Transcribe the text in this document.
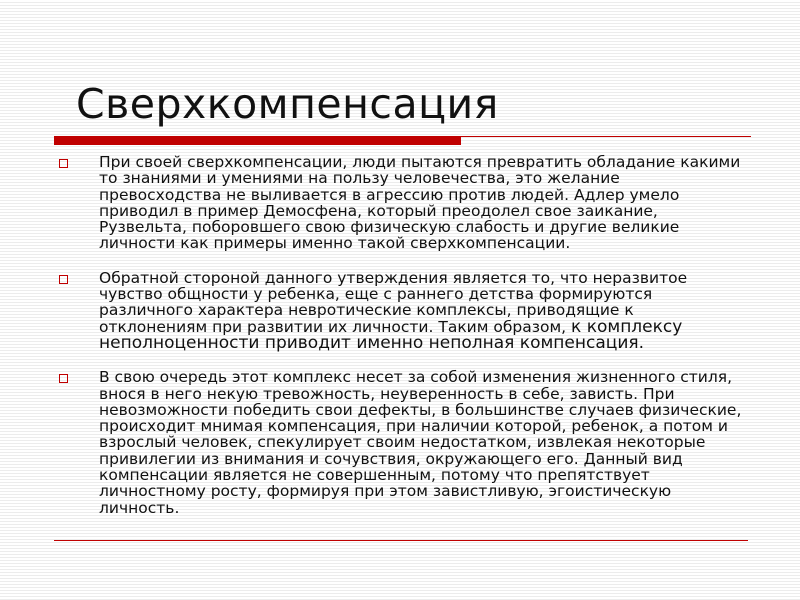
Сверхкомпенсация
При своей сверхкомпенсации, люди пытаются превратить обладание какими то знаниями и умениями на пользу человечества, это желание превосходства не выливается в агрессию против людей. Адлер умело приводил в пример Демосфена, который преодолел свое заикание, Рузвельта, поборовшего свою физическую слабость и другие великие личности как примеры именно такой сверхкомпенсации.
Обратной стороной данного утверждения является то, что неразвитое чувство общности у ребенка, еще с раннего детства формируются различного характера невротические комплексы, приводящие к отклонениям при развитии их личности. Таким образом, к комплексу неполноценности приводит именно неполная компенсация.
В свою очередь этот комплекс несет за собой изменения жизненного стиля, внося в него некую тревожность, неуверенность в себе, зависть. При невозможности победить свои дефекты, в большинстве случаев физические, происходит мнимая компенсация, при наличии которой, ребенок, а потом и взрослый человек, спекулирует своим недостатком, извлекая некоторые привилегии из внимания и сочувствия, окружающего его. Данный вид компенсации является не совершенным, потому что препятствует личностному росту, формируя при этом завистливую, эгоистическую личность.
